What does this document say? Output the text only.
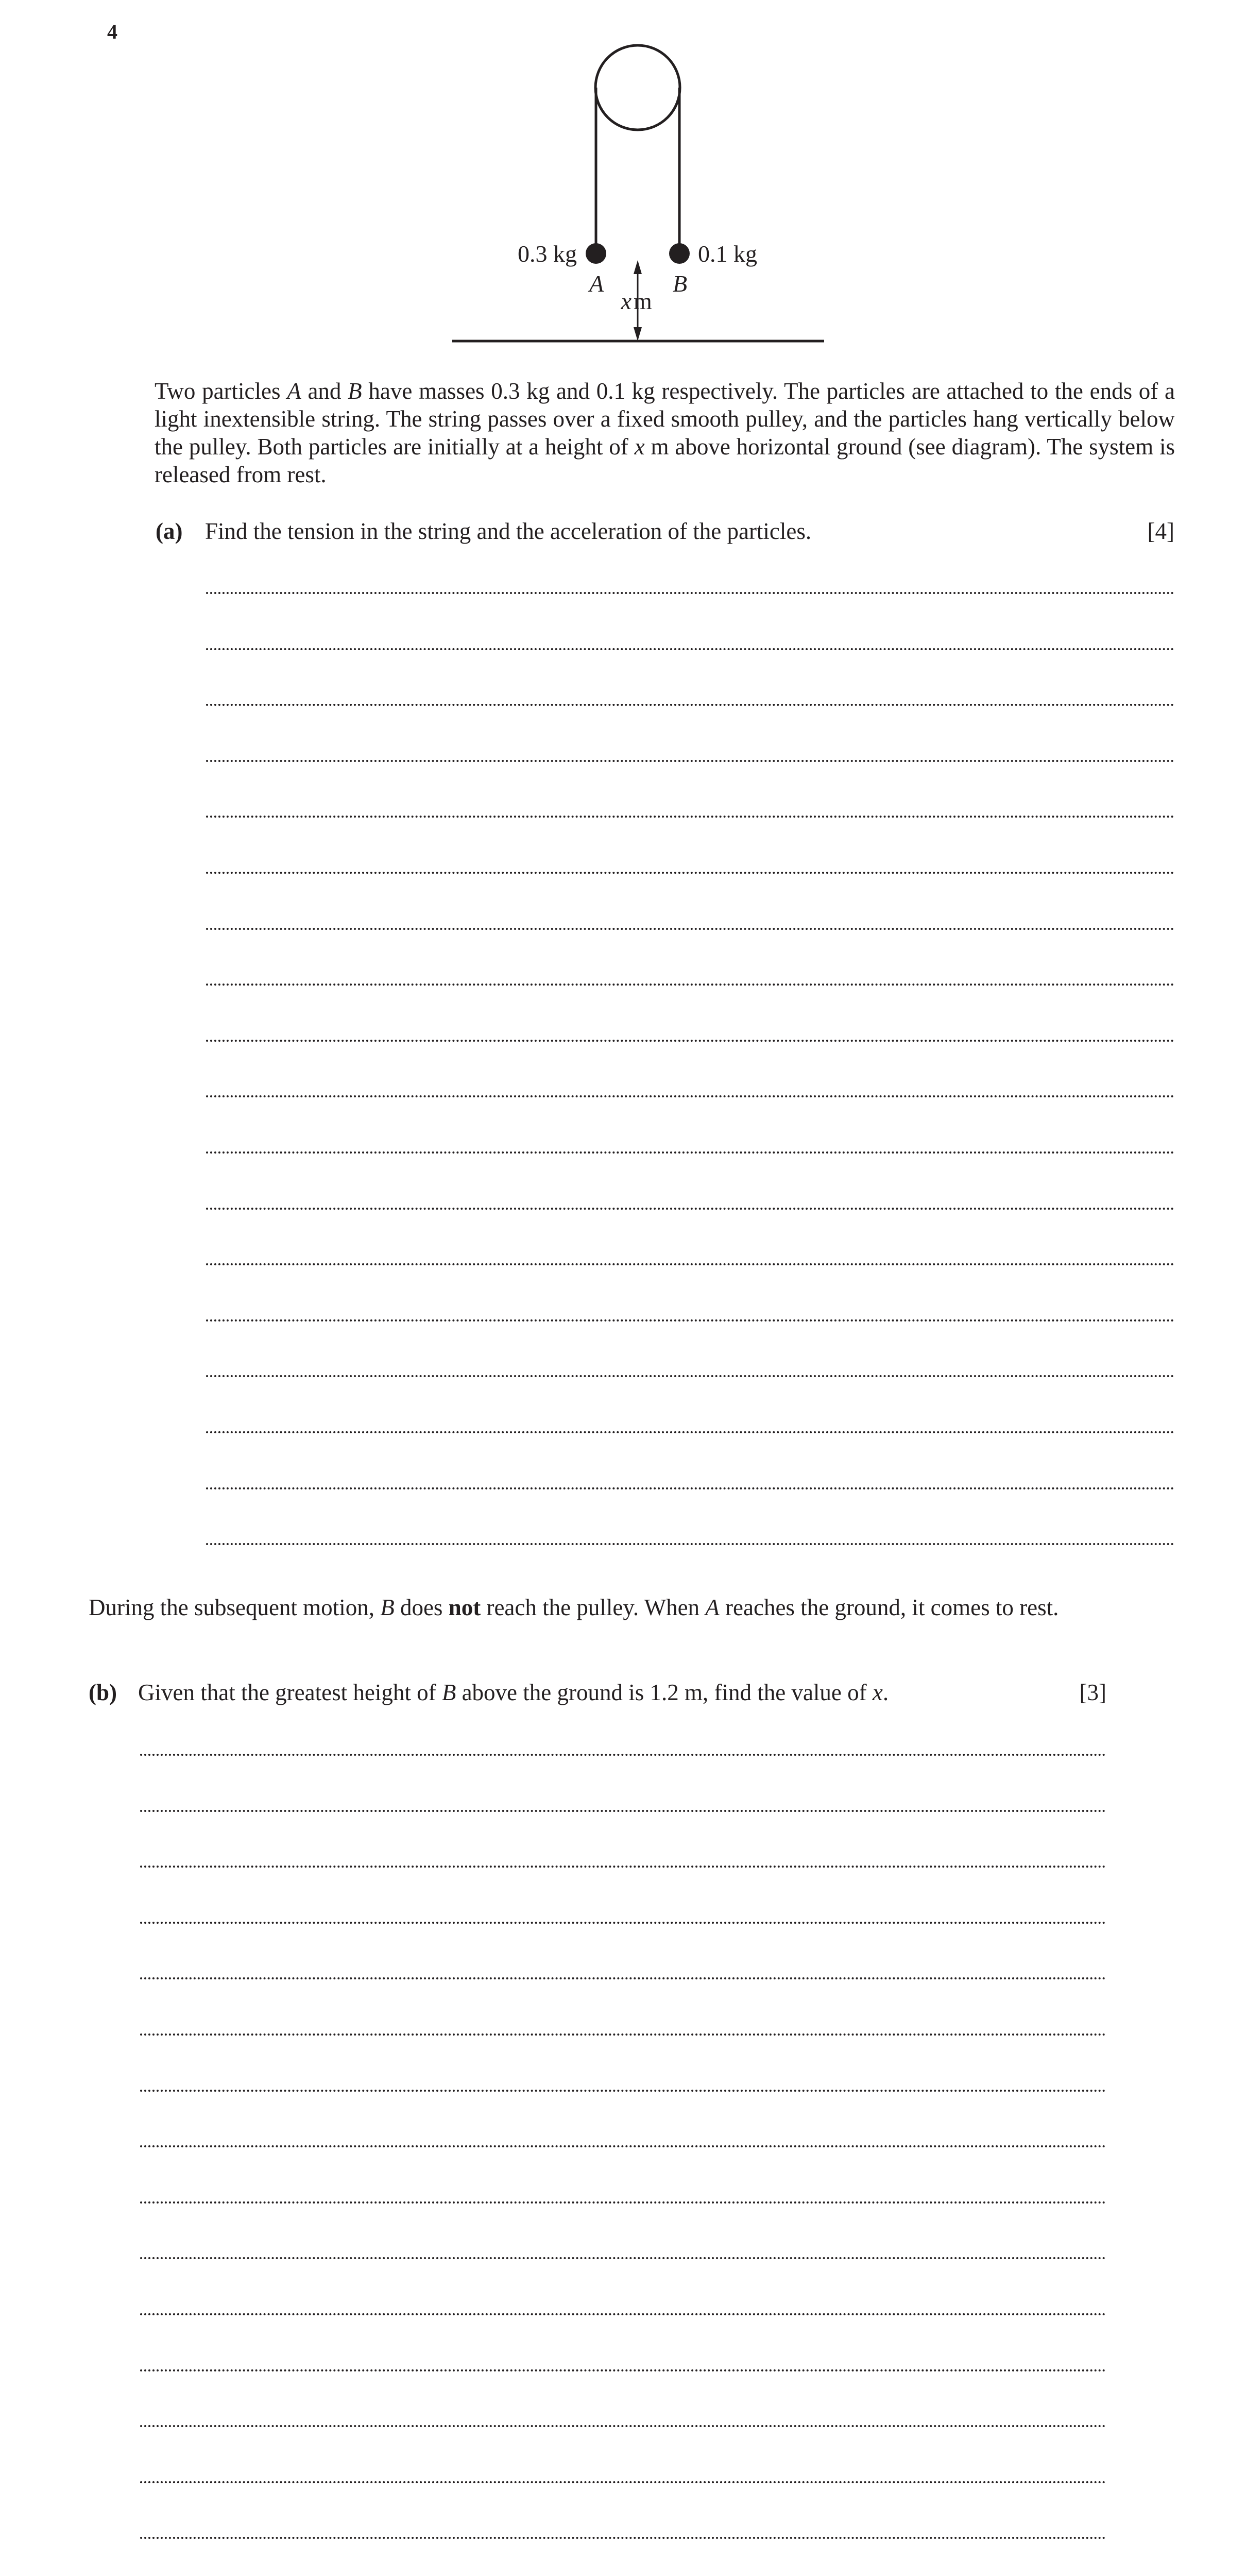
4
0.3 kg	0.1 kg
A	B
x m

Two particles A and B have masses 0.3 kg and 0.1 kg respectively. The particles are attached to the ends of a light inextensible string. The string passes over a fixed smooth pulley, and the particles hang vertically below the pulley. Both particles are initially at a height of x m above horizontal ground (see diagram). The system is released from rest.

(a) Find the tension in the string and the acceleration of the particles.	[4]

During the subsequent motion, B does not reach the pulley. When A reaches the ground, it comes to rest.

(b) Given that the greatest height of B above the ground is 1.2 m, find the value of x.	[3]
